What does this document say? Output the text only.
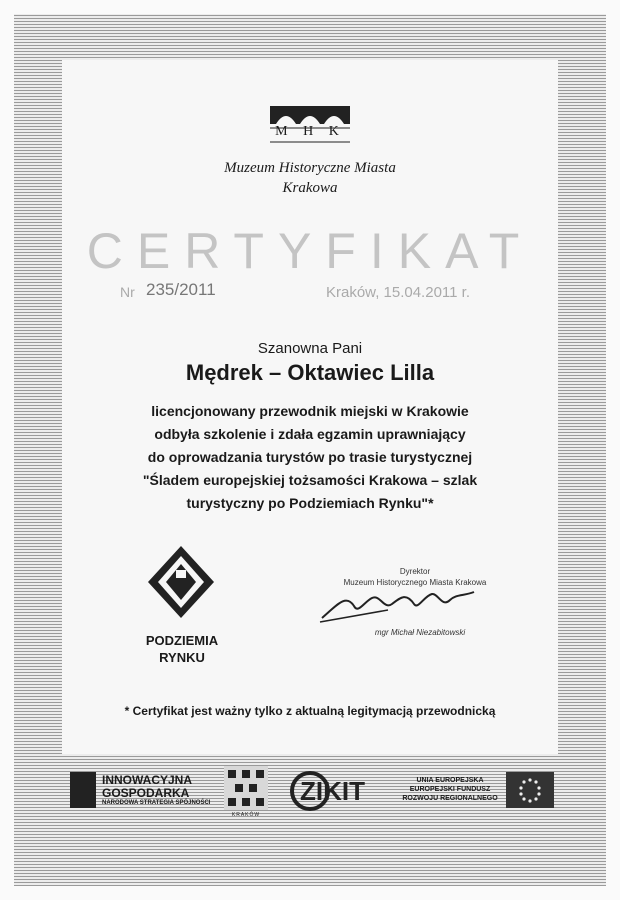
M H K
Muzeum Historyczne Miasta
Krakowa
CERTYFIKAT
Nr 235/2011	Kraków, 15.04.2011 r.
Szanowna Pani
Mędrek – Oktawiec Lilla
licencjonowany przewodnik miejski w Krakowie
odbyła szkolenie i zdała egzamin uprawniający
do oprowadzania turystów po trasie turystycznej
"Śladem europejskiej tożsamości Krakowa – szlak
turystyczny po Podziemiach Rynku"*
PODZIEMIA
RYNKU
Dyrektor
Muzeum Historycznego Miasta Krakowa
mgr Michał Niezabitowski
* Certyfikat jest ważny tylko z aktualną legitymacją przewodnicką
INNOWACYJNA
GOSPODARKA
NARODOWA STRATEGIA SPÓJNOŚCI
KRAKÓW
ZIKIT	UNIA EUROPEJSKA
EUROPEJSKI FUNDUSZ
ROZWOJU REGIONALNEGO
